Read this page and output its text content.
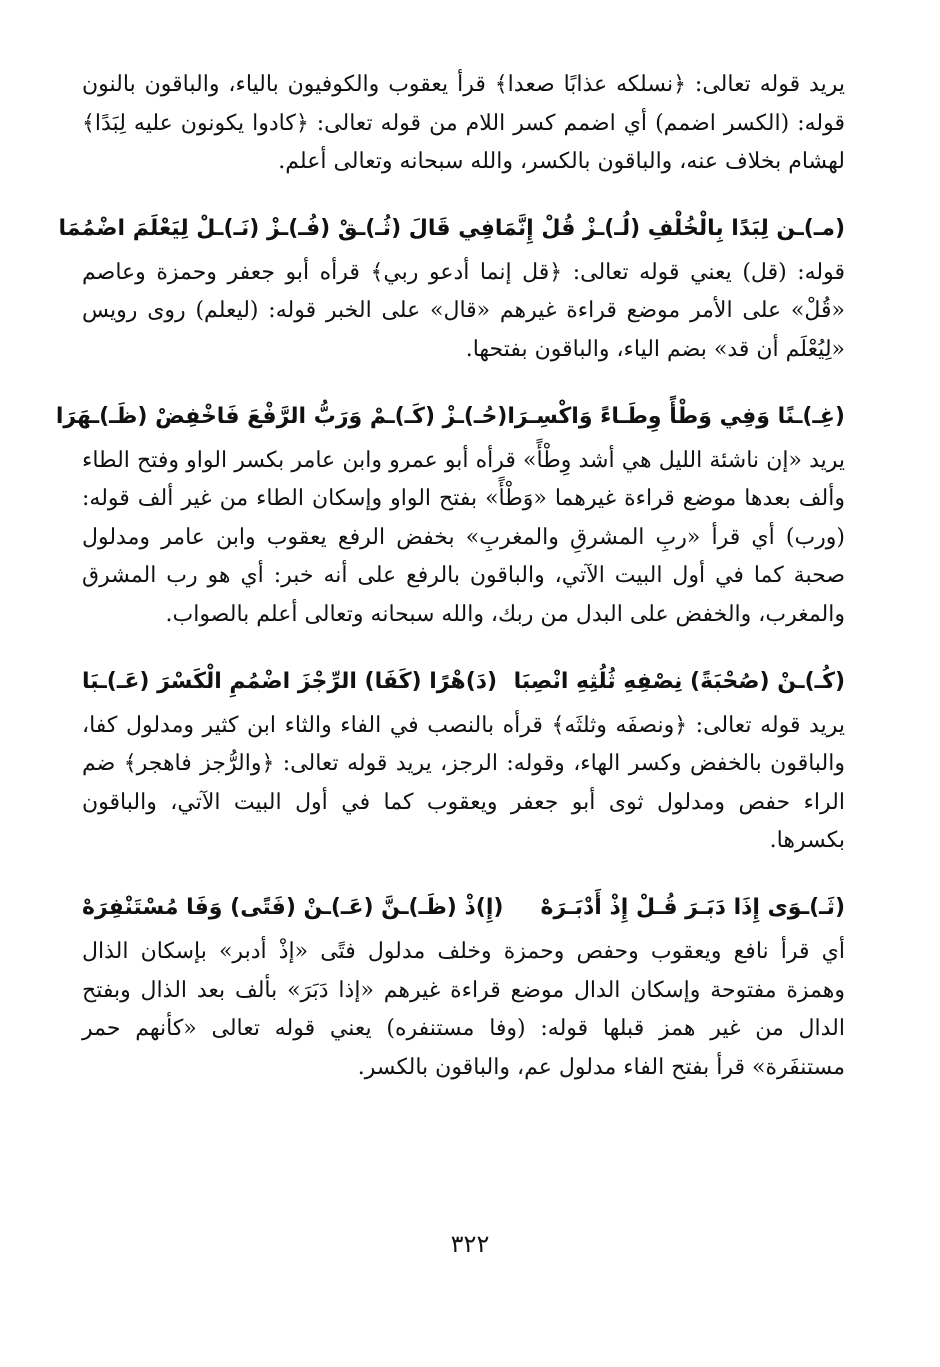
يريد قوله تعالى: ﴿نسلكه عذابًا صعدا﴾ قرأ يعقوب والكوفيون بالياء، والباقون بالنون قوله: (الكسر اضمم) أي اضمم كسر اللام من قوله تعالى: ﴿كادوا يكونون عليه لِبَدًا﴾ لهشام بخلاف عنه، والباقون بالكسر، والله سبحانه وتعالى أعلم.

(مـ)ـن لِبَدًا بِالْخُلْفِ (لُـ)ـزْ قُلْ إِنَّمَا
فِي قَالَ (ثُـ)ـقْ (فُـ)ـزْ (نَـ)ـلْ لِيَعْلَمَ اضْمُمَا

قوله: (قل) يعني قوله تعالى: ﴿قل إنما أدعو ربي﴾ قرأه أبو جعفر وحمزة وعاصم «قُلْ» على الأمر موضع قراءة غيرهم «قال» على الخبر قوله: (ليعلم) روى رويس «لِيُعْلَم أن قد» بضم الياء، والباقون بفتحها.

(غِـ)ـنًا وَفِي وَطْأً وِطَـاءً وَاكْسِـرَا
(حُـ)ـزْ (كَـ)ـمْ وَرَبُّ الرَّفْعَ فَاخْفِضْ (ظَـ)ـهَرَا

يريد «إن ناشئة الليل هي أشد وِطْأً» قرأه أبو عمرو وابن عامر بكسر الواو وفتح الطاء وألف بعدها موضع قراءة غيرهما «وَطْأً» بفتح الواو وإسكان الطاء من غير ألف قوله: (ورب) أي قرأ «ربِ المشرقِ والمغربِ» بخفض الرفع يعقوب وابن عامر ومدلول صحبة كما في أول البيت الآتي، والباقون بالرفع على أنه خبر: أي هو رب المشرق والمغرب، والخفض على البدل من ربك، والله سبحانه وتعالى أعلم بالصواب.

(كُـ)ـنْ (صُحْبَةً) نِصْفِهِ ثُلُثِهِ انْصِبَا
(دَ)هْرًا (كَفَا) الرِّجْزَ اضْمُمِ الْكَسْرَ (عَـ)ـبَا

يريد قوله تعالى: ﴿ونصفَه وثلثَه﴾ قرأه بالنصب في الفاء والثاء ابن كثير ومدلول كفا، والباقون بالخفض وكسر الهاء، وقوله: الرجز، يريد قوله تعالى: ﴿والرُّجز فاهجر﴾ ضم الراء حفص ومدلول ثوى أبو جعفر ويعقوب كما في أول البيت الآتي، والباقون بكسرها.

(ثَـ)ـوَى إِذَا دَبَـرَ قُـلْ إِذْ أَدْبَـرَهْ
(إِ)ذْ (ظَـ)ـنَّ (عَـ)ـنْ (فَتًى) وَفَا مُسْتَنْفِرَهْ

أي قرأ نافع ويعقوب وحفص وحمزة وخلف مدلول فتًى «إذْ أدبر» بإسكان الذال وهمزة مفتوحة وإسكان الدال موضع قراءة غيرهم «إذا دَبَرَ» بألف بعد الذال وبفتح الدال من غير همز قبلها قوله: (وفا مستنفره) يعني قوله تعالى «كأنهم حمر مستنفَرة» قرأ بفتح الفاء مدلول عم، والباقون بالكسر.

٣٢٢
